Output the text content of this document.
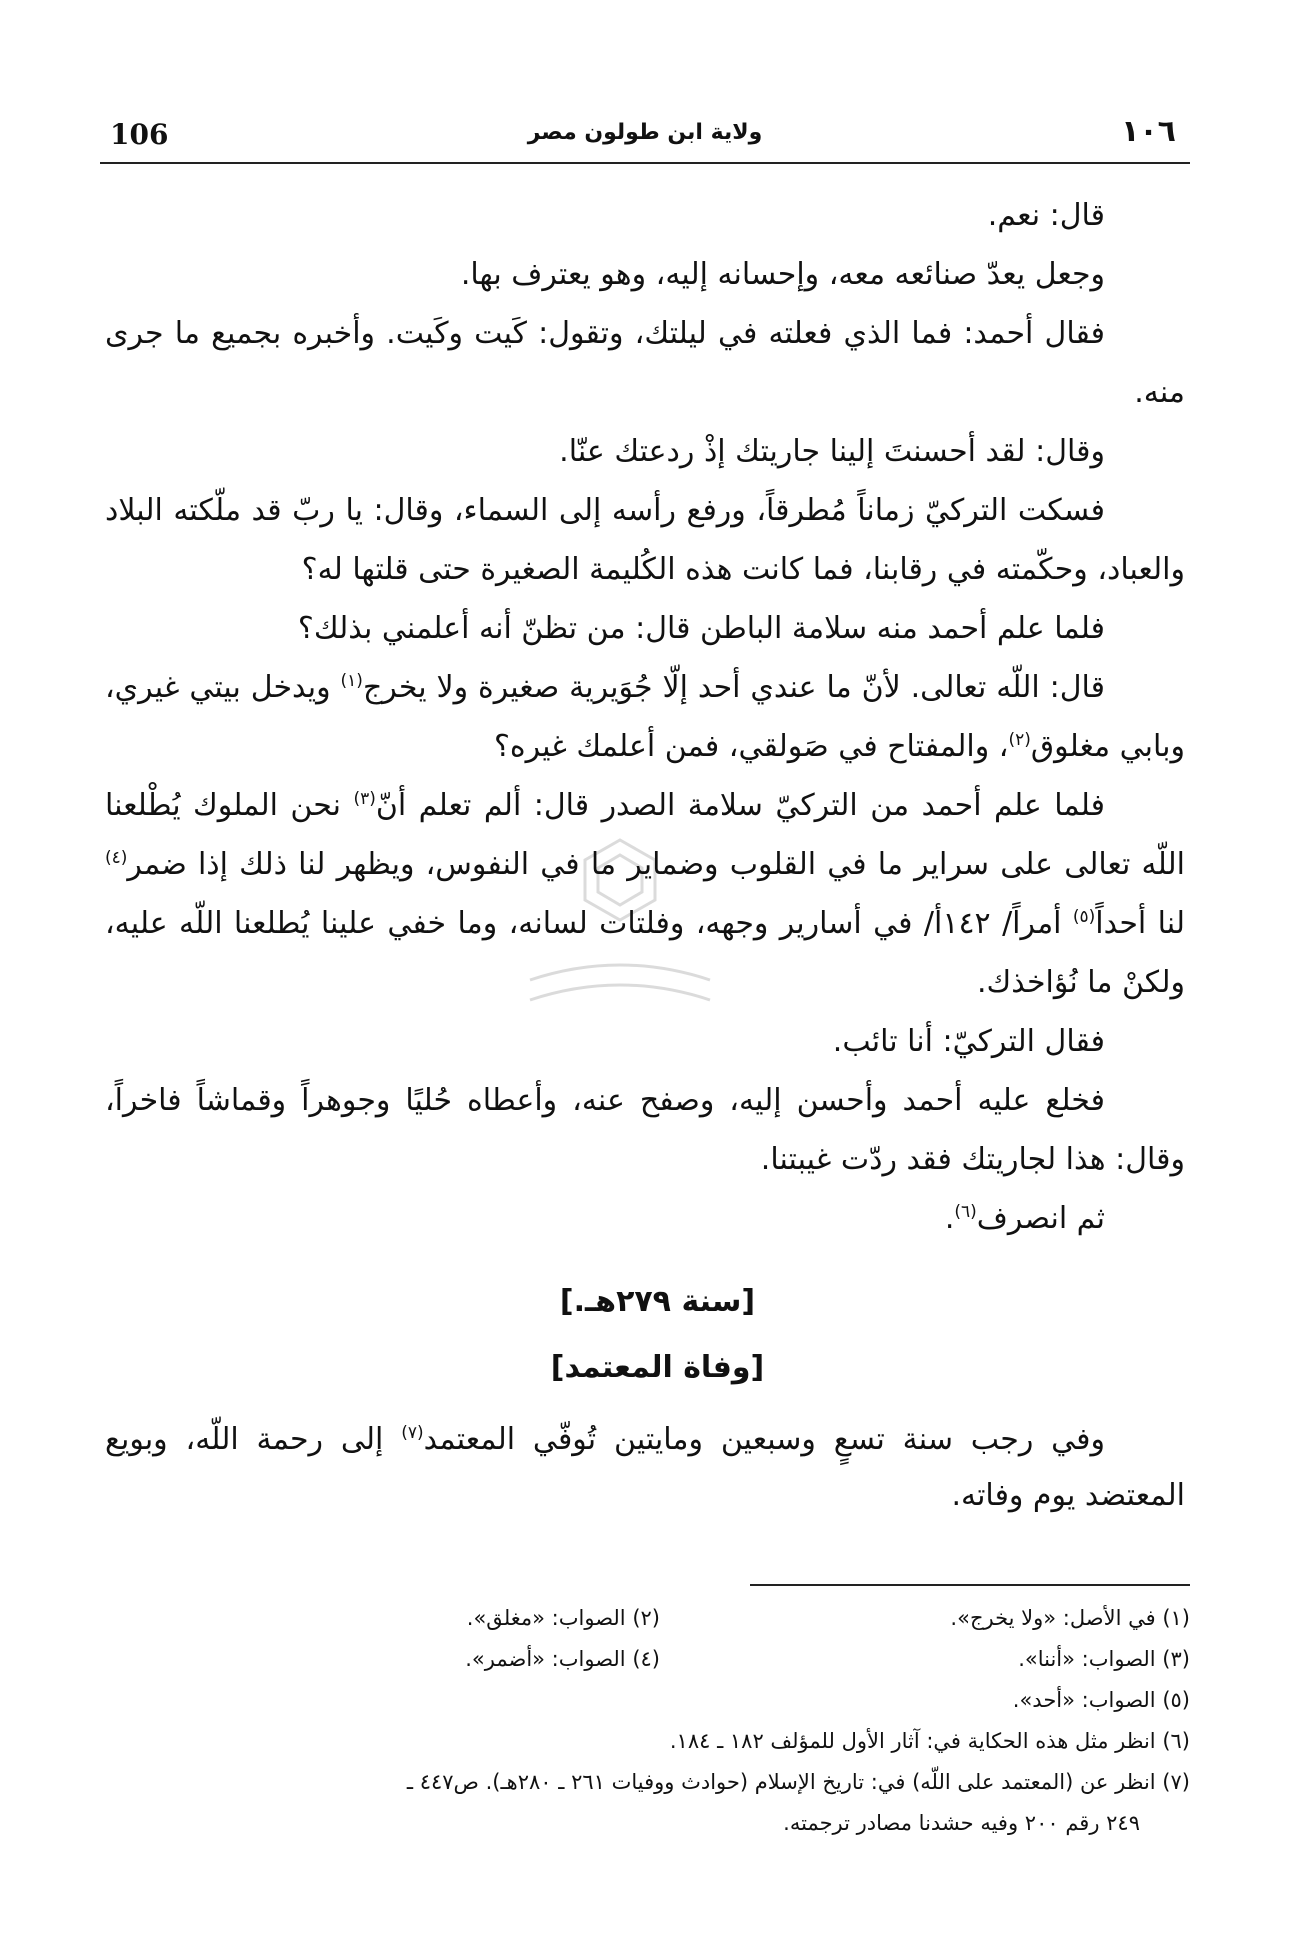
106	ولاية ابن طولون مصر	١٠٦

قال: نعم.

وجعل يعدّ صنائعه معه، وإحسانه إليه، وهو يعترف بها.

فقال أحمد: فما الذي فعلته في ليلتك، وتقول: كَيت وكَيت. وأخبره بجميع ما جرى منه.

وقال: لقد أحسنتَ إلينا جاريتك إذْ ردعتك عنّا.

فسكت التركيّ زماناً مُطرقاً، ورفع رأسه إلى السماء، وقال: يا ربّ قد ملّكته البلاد والعباد، وحكّمته في رقابنا، فما كانت هذه الكُليمة الصغيرة حتى قلتها له؟

فلما علم أحمد منه سلامة الباطن قال: من تظنّ أنه أعلمني بذلك؟

قال: اللّه تعالى. لأنّ ما عندي أحد إلّا جُوَيرية صغيرة ولا يخرج$^{(١)}$ ويدخل بيتي غيري، وبابي مغلوق$^{(٢)}$، والمفتاح في صَولقي، فمن أعلمك غيره؟

فلما علم أحمد من التركيّ سلامة الصدر قال: ألم تعلم أنّ$^{(٣)}$ نحن الملوك يُطْلعنا اللّه تعالى على سراير ما في القلوب وضماير ما في النفوس، ويظهر لنا ذلك إذا ضمر$^{(٤)}$ لنا أحداً$^{(٥)}$ أمراً/ ١٤٢أ/ في أسارير وجهه، وفلتات لسانه، وما خفي علينا يُطلعنا اللّه عليه، ولكنْ ما نُؤاخذك.

فقال التركيّ: أنا تائب.

فخلع عليه أحمد وأحسن إليه، وصفح عنه، وأعطاه حُليًا وجوهراً وقماشاً فاخراً، وقال: هذا لجاريتك فقد ردّت غيبتنا.

ثم انصرف$^{(٦)}$.

[سنة ٢٧٩هـ.]
[وفاة المعتمد]

وفي رجب سنة تسعٍ وسبعين ومايتين تُوفّي المعتمد$^{(٧)}$ إلى رحمة اللّه، وبويع المعتضد يوم وفاته.

(١) في الأصل: «ولا يخرج».
(٢) الصواب: «مغلق».
(٣) الصواب: «أننا».
(٤) الصواب: «أضمر».
(٥) الصواب: «أحد».
(٦) انظر مثل هذه الحكاية في: آثار الأول للمؤلف ١٨٢ ـ ١٨٤.
(٧) انظر عن (المعتمد على اللّه) في: تاريخ الإسلام (حوادث ووفيات ٢٦١ ـ ٢٨٠هـ). ص٤٤٧ ـ
٢٤٩ رقم ٢٠٠ وفيه حشدنا مصادر ترجمته.
